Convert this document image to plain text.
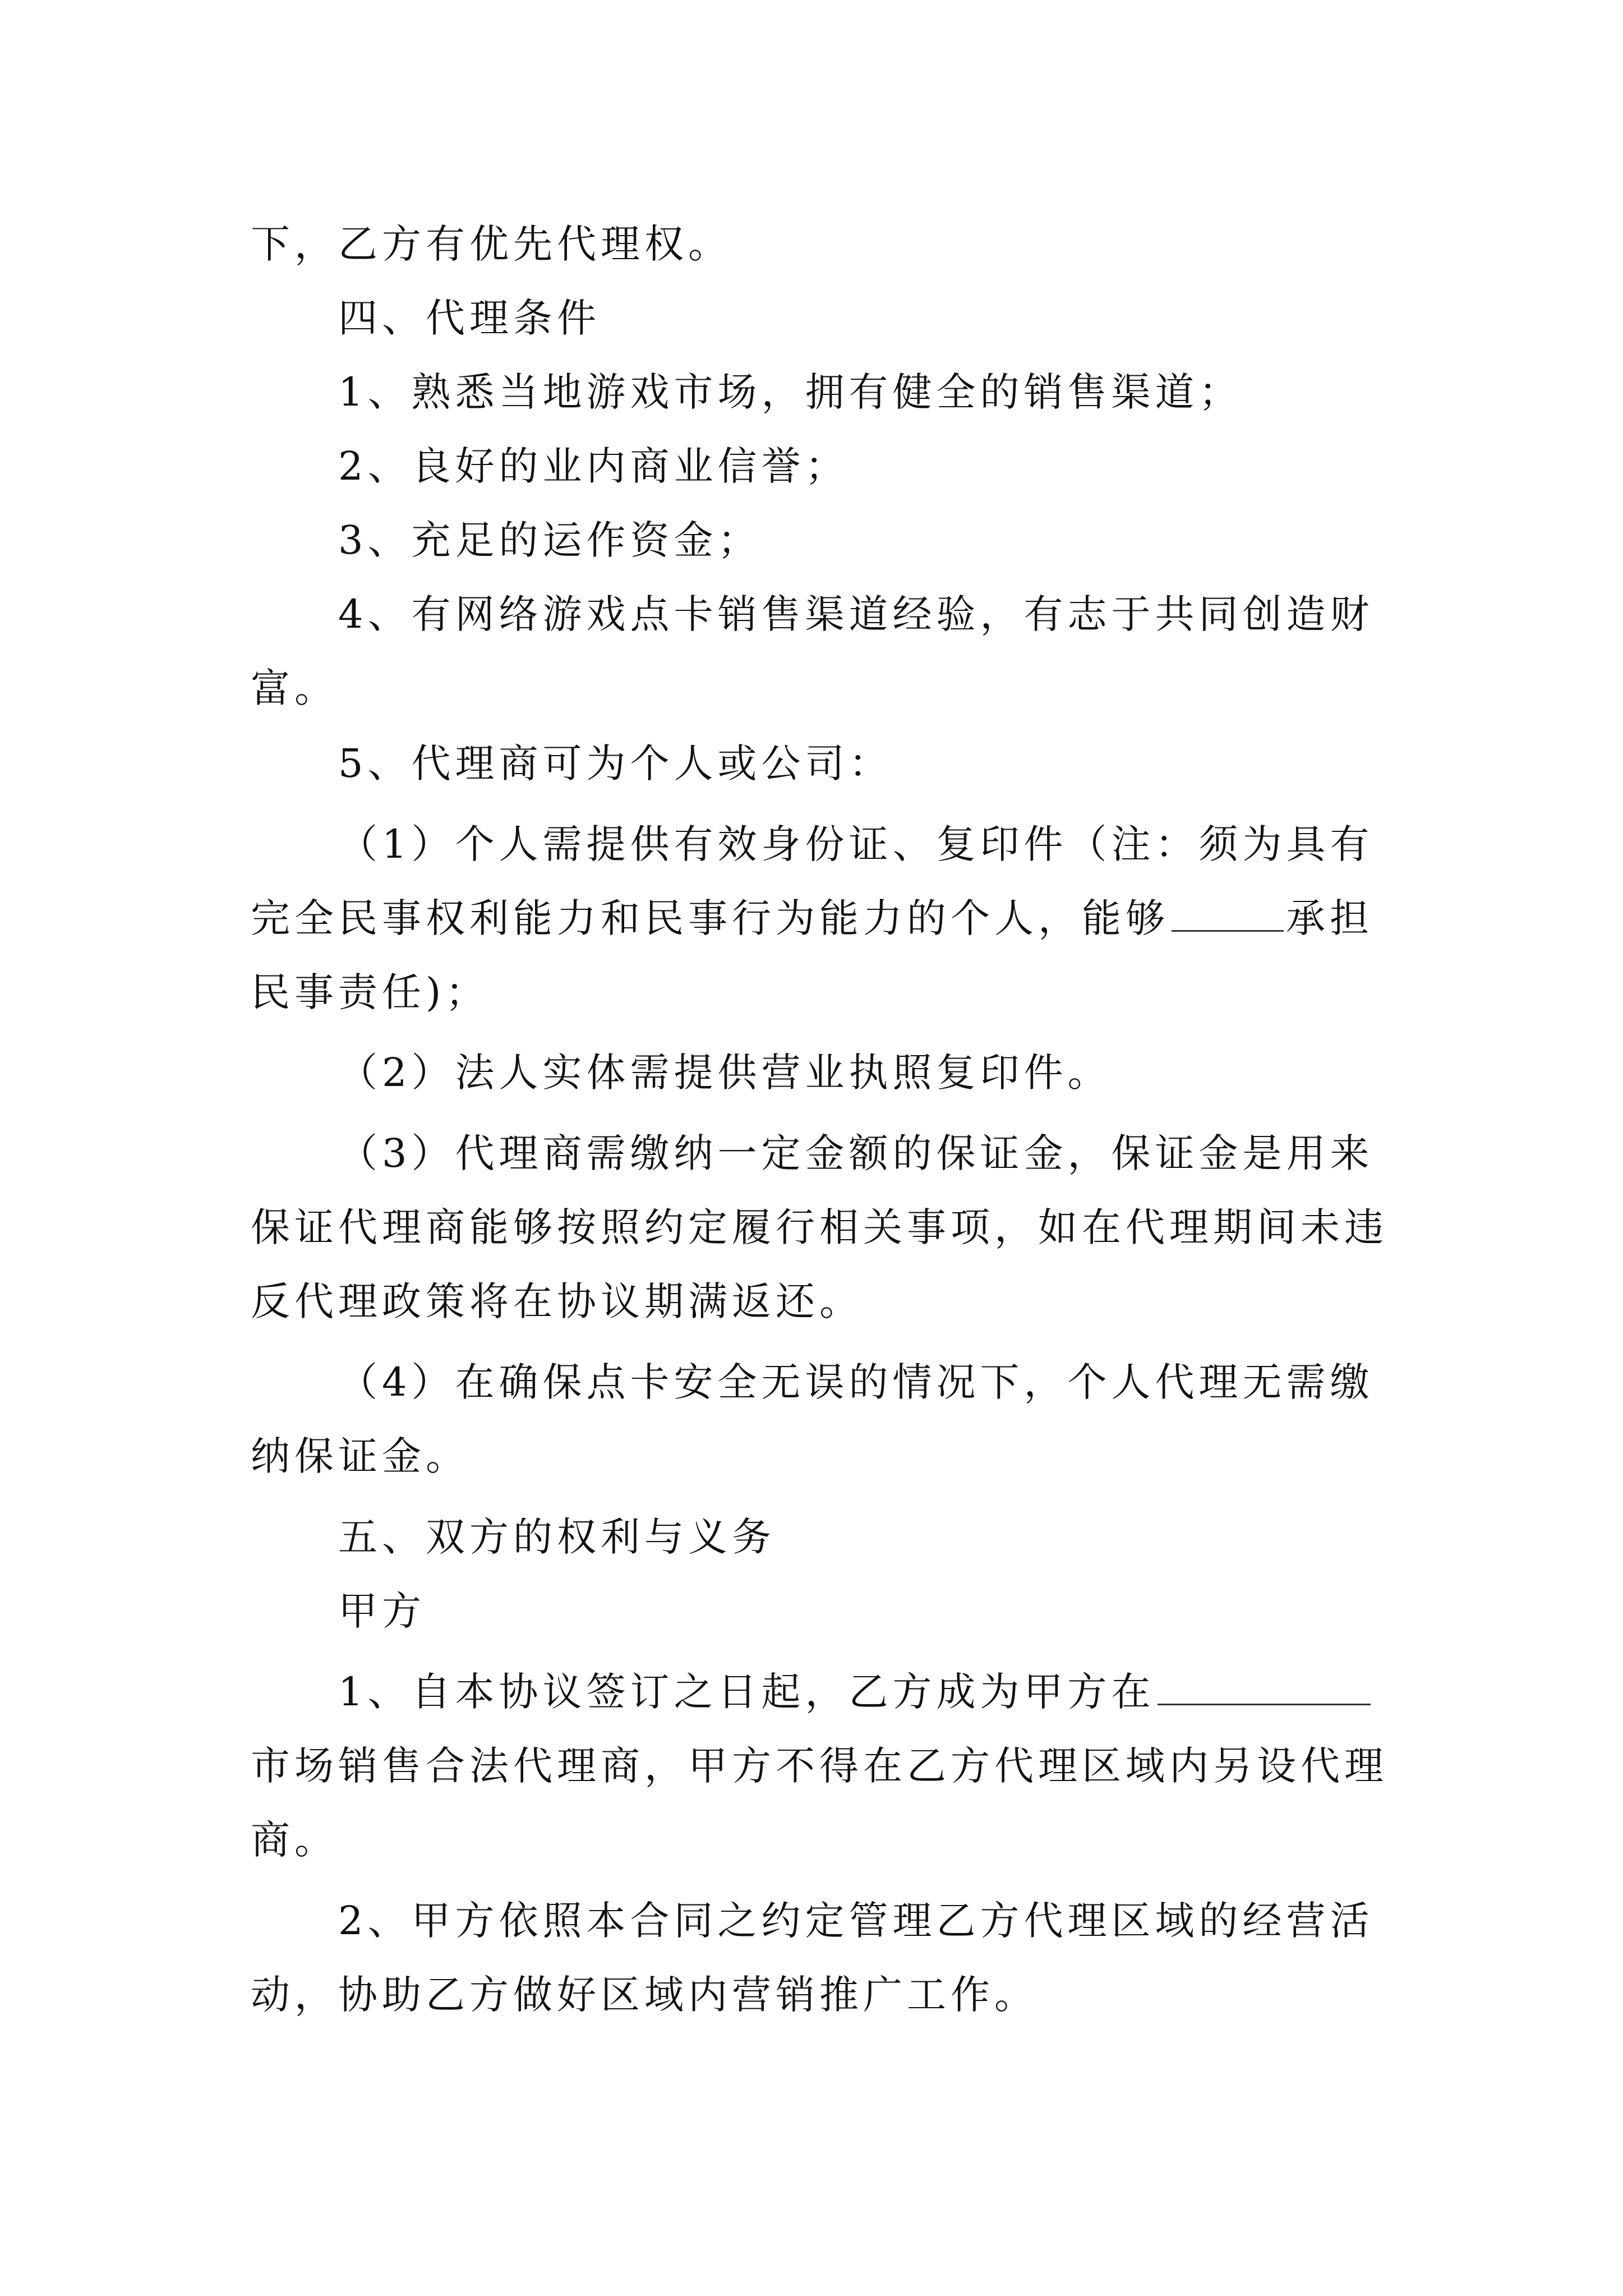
下，乙方有优先代理权。
四、代理条件
1、熟悉当地游戏市场，拥有健全的销售渠道；
2、良好的业内商业信誉；
3、充足的运作资金；
4、有网络游戏点卡销售渠道经验，有志于共同创造财
富。
5、代理商可为个人或公司：
（1）个人需提供有效身份证、复印件（注：须为具有
完全民事权利能力和民事行为能力的个人，能够	承担
民事责任)；
（2）法人实体需提供营业执照复印件。
（3）代理商需缴纳一定金额的保证金，保证金是用来
保证代理商能够按照约定履行相关事项，如在代理期间未违
反代理政策将在协议期满返还。
（4）在确保点卡安全无误的情况下，个人代理无需缴
纳保证金。
五、双方的权利与义务
甲方
1、自本协议签订之日起，乙方成为甲方在
市场销售合法代理商，甲方不得在乙方代理区域内另设代理
商。
2、甲方依照本合同之约定管理乙方代理区域的经营活
动，协助乙方做好区域内营销推广工作。
